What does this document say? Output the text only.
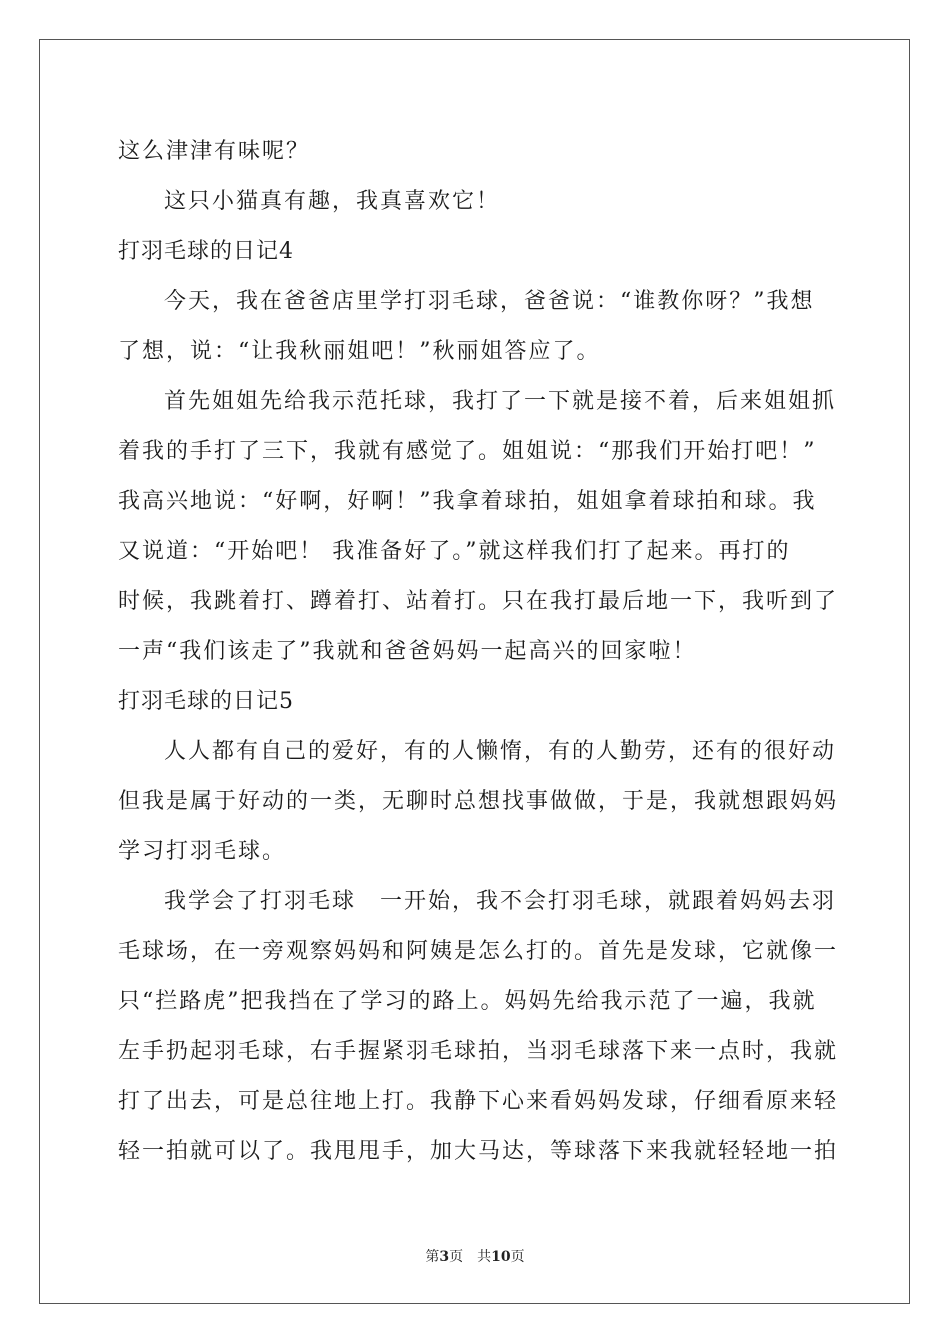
这么津津有味呢？
这只小猫真有趣，我真喜欢它！
打羽毛球的日记4
今天，我在爸爸店里学打羽毛球，爸爸说：“谁教你呀？”我想
了想，说：“让我秋丽姐吧！”秋丽姐答应了。
首先姐姐先给我示范托球，我打了一下就是接不着，后来姐姐抓
着我的手打了三下，我就有感觉了。姐姐说：“那我们开始打吧！”
我高兴地说：“好啊，好啊！”我拿着球拍，姐姐拿着球拍和球。我
又说道：“开始吧！ 我准备好了。”就这样我们打了起来。再打的
时候，我跳着打、蹲着打、站着打。只在我打最后地一下，我听到了
一声“我们该走了”我就和爸爸妈妈一起高兴的回家啦！
打羽毛球的日记5
人人都有自己的爱好，有的人懒惰，有的人勤劳，还有的很好动
但我是属于好动的一类，无聊时总想找事做做，于是，我就想跟妈妈
学习打羽毛球。
我学会了打羽毛球　一开始，我不会打羽毛球，就跟着妈妈去羽
毛球场，在一旁观察妈妈和阿姨是怎么打的。首先是发球，它就像一
只“拦路虎”把我挡在了学习的路上。妈妈先给我示范了一遍，我就
左手扔起羽毛球，右手握紧羽毛球拍，当羽毛球落下来一点时，我就
打了出去，可是总往地上打。我静下心来看妈妈发球，仔细看原来轻
轻一拍就可以了。我甩甩手，加大马达，等球落下来我就轻轻地一拍
第3页　共10页
